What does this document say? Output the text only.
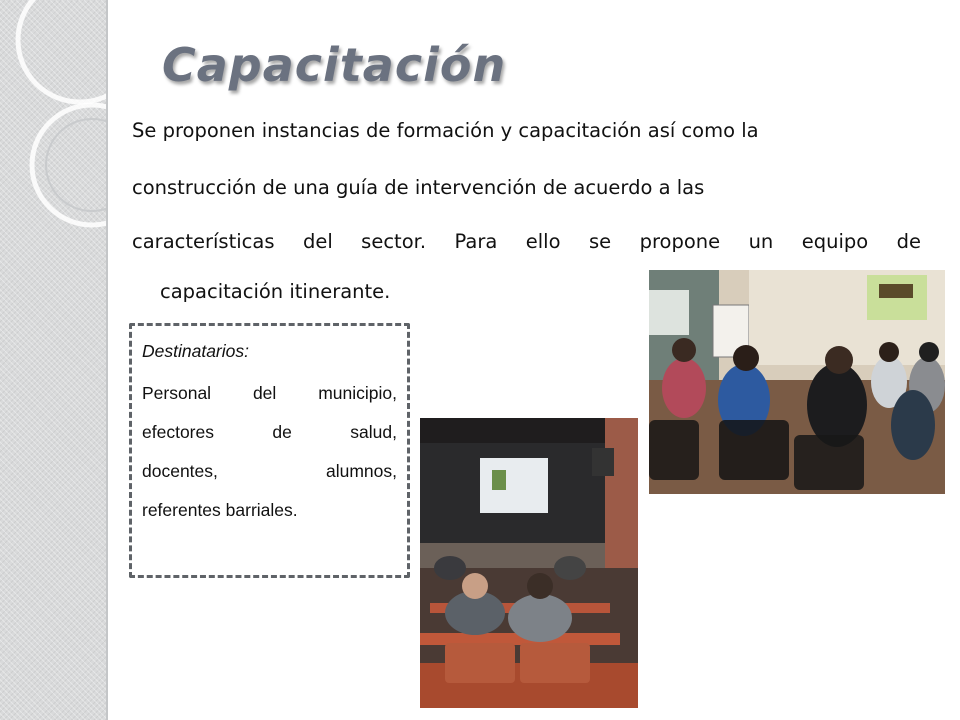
Capacitación
Se proponen instancias de formación y capacitación así como la
construcción de una guía de intervención de acuerdo a las
características del sector. Para ello se propone un equipo de
capacitación itinerante.

Destinatarios:

Personal del municipio,
efectores	de	salud,
docentes,	alumnos,
referentes barriales.
